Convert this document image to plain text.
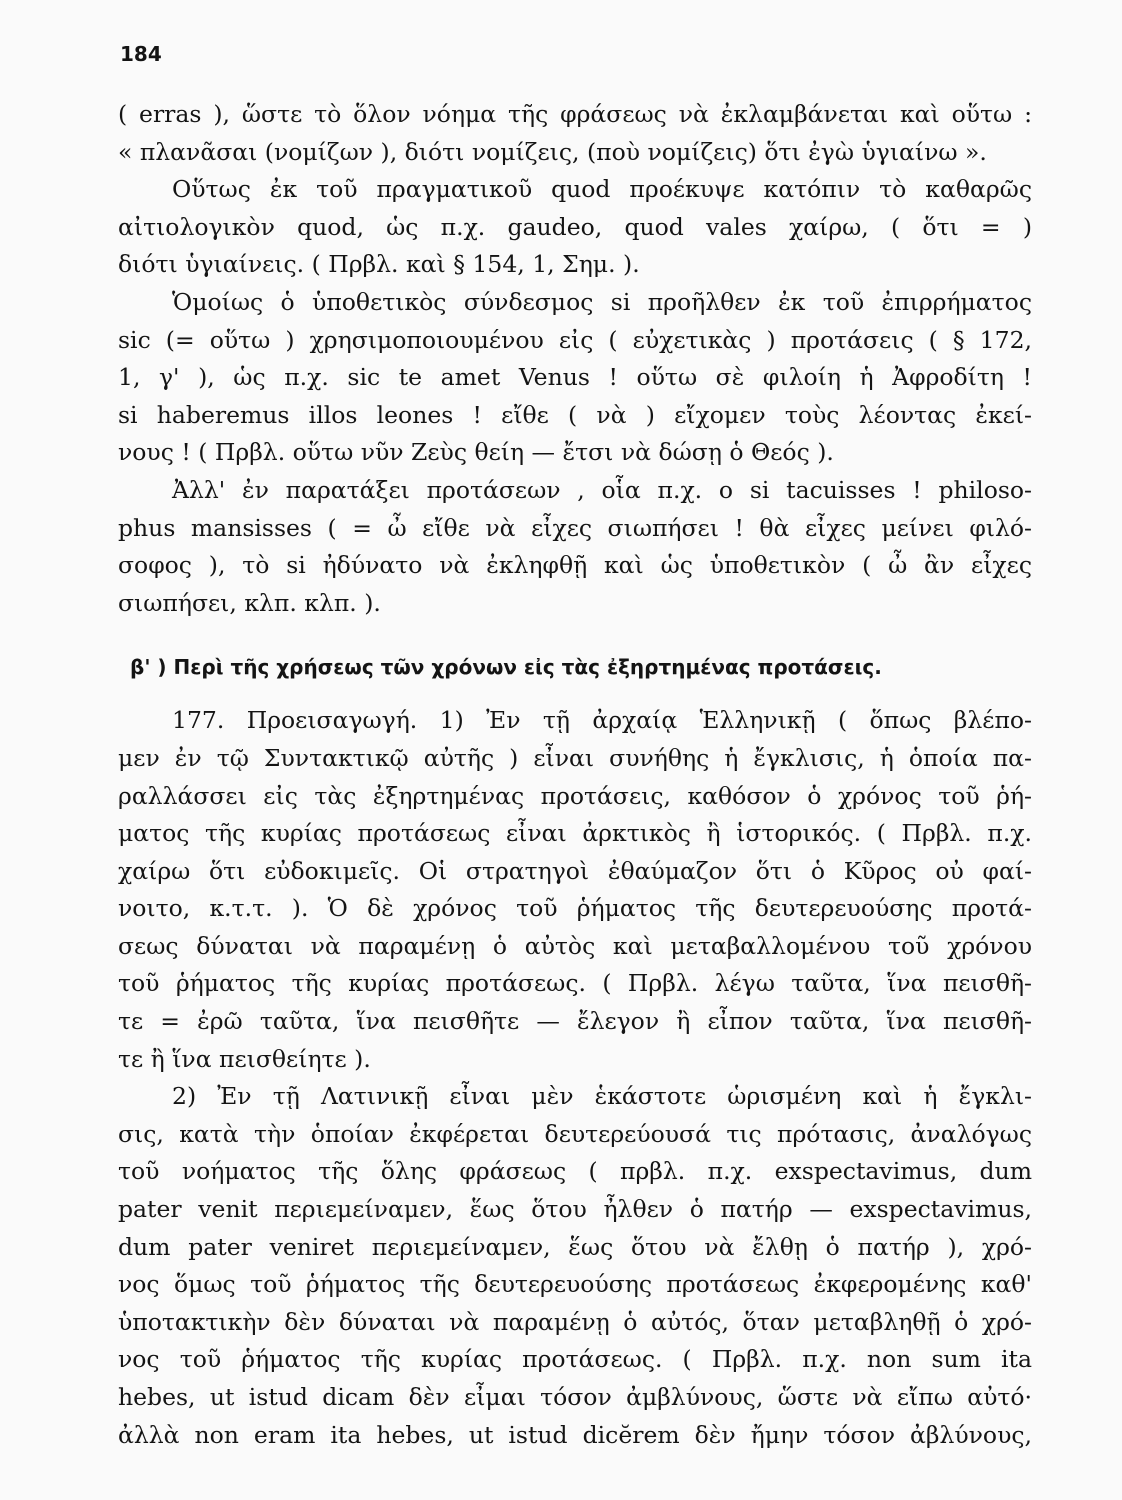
184
( erras ), ὥστε τὸ ὅλον νόημα τῆς φράσεως νὰ ἐκλαμβάνεται καὶ οὕτω :
« πλανᾶσαι (νομίζων ), διότι νομίζεις, (ποὺ νομίζεις) ὅτι ἐγὼ ὑγιαίνω ».
Οὕτως ἐκ τοῦ πραγματικοῦ quod προέκυψε κατόπιν τὸ καθαρῶς
αἰτιολογικὸν quod, ὡς π.χ. gaudeo, quod vales χαίρω, ( ὅτι = )
διότι ὑγιαίνεις. ( Πρβλ. καὶ § 154, 1, Σημ. ).
Ὁμοίως ὁ ὑποθετικὸς σύνδεσμος si προῆλθεν ἐκ τοῦ ἐπιρρήματος
sic (= οὕτω ) χρησιμοποιουμένου εἰς ( εὐχετικὰς ) προτάσεις ( § 172,
1, γ' ), ὡς π.χ. sic te amet Venus ! οὕτω σὲ φιλοίη ἡ Ἀφροδίτη !
si haberemus illos leones ! εἴθε ( νὰ ) εἴχομεν τοὺς λέοντας ἐκεί-
νους ! ( Πρβλ. οὕτω νῦν Ζεὺς θείη — ἔτσι νὰ δώσῃ ὁ Θεός ).
Ἀλλ' ἐν παρατάξει προτάσεων , οἷα π.χ. o si tacuisses ! philoso-
phus mansisses ( = ὦ εἴθε νὰ εἶχες σιωπήσει ! θὰ εἶχες μείνει φιλό-
σοφος ), τὸ si ἠδύνατο νὰ ἐκληφθῇ καὶ ὡς ὑποθετικὸν ( ὦ ἂν εἶχες
σιωπήσει, κλπ. κλπ. ).
β' ) Περὶ τῆς χρήσεως τῶν χρόνων εἰς τὰς ἐξηρτημένας προτάσεις.
177. Προεισαγωγή. 1) Ἐν τῇ ἀρχαίᾳ Ἑλληνικῇ ( ὅπως βλέπο-
μεν ἐν τῷ Συντακτικῷ αὐτῆς ) εἶναι συνήθης ἡ ἔγκλισις, ἡ ὁποία πα-
ραλλάσσει εἰς τὰς ἐξηρτημένας προτάσεις, καθόσον ὁ χρόνος τοῦ ῥή-
ματος τῆς κυρίας προτάσεως εἶναι ἀρκτικὸς ἢ ἱστορικός. ( Πρβλ. π.χ.
χαίρω ὅτι εὐδοκιμεῖς. Οἱ στρατηγοὶ ἐθαύμαζον ὅτι ὁ Κῦρος οὐ φαί-
νοιτο, κ.τ.τ. ). Ὁ δὲ χρόνος τοῦ ῥήματος τῆς δευτερευούσης προτά-
σεως δύναται νὰ παραμένῃ ὁ αὐτὸς καὶ μεταβαλλομένου τοῦ χρόνου
τοῦ ῥήματος τῆς κυρίας προτάσεως. ( Πρβλ. λέγω ταῦτα, ἵνα πεισθῆ-
τε = ἐρῶ ταῦτα, ἵνα πεισθῆτε — ἔλεγον ἢ εἶπον ταῦτα, ἵνα πεισθῆ-
τε ἢ ἵνα πεισθείητε ).
2) Ἐν τῇ Λατινικῇ εἶναι μὲν ἑκάστοτε ὡρισμένη καὶ ἡ ἔγκλι-
σις, κατὰ τὴν ὁποίαν ἐκφέρεται δευτερεύουσά τις πρότασις, ἀναλόγως
τοῦ νοήματος τῆς ὅλης φράσεως ( πρβλ. π.χ. exspectavimus, dum
pater venit περιεμείναμεν, ἕως ὅτου ἦλθεν ὁ πατήρ — exspectavimus,
dum pater veniret περιεμείναμεν, ἕως ὅτου νὰ ἔλθῃ ὁ πατήρ ), χρό-
νος ὅμως τοῦ ῥήματος τῆς δευτερευούσης προτάσεως ἐκφερομένης καθ'
ὑποτακτικὴν δὲν δύναται νὰ παραμένῃ ὁ αὐτός, ὅταν μεταβληθῇ ὁ χρό-
νος τοῦ ῥήματος τῆς κυρίας προτάσεως. ( Πρβλ. π.χ. non sum ita
hebes, ut istud dicam δὲν εἶμαι τόσον ἀμβλύνους, ὥστε νὰ εἴπω αὐτό·
ἀλλὰ non eram ita hebes, ut istud dicĕrem δὲν ἤμην τόσον ἀβλύνους,
